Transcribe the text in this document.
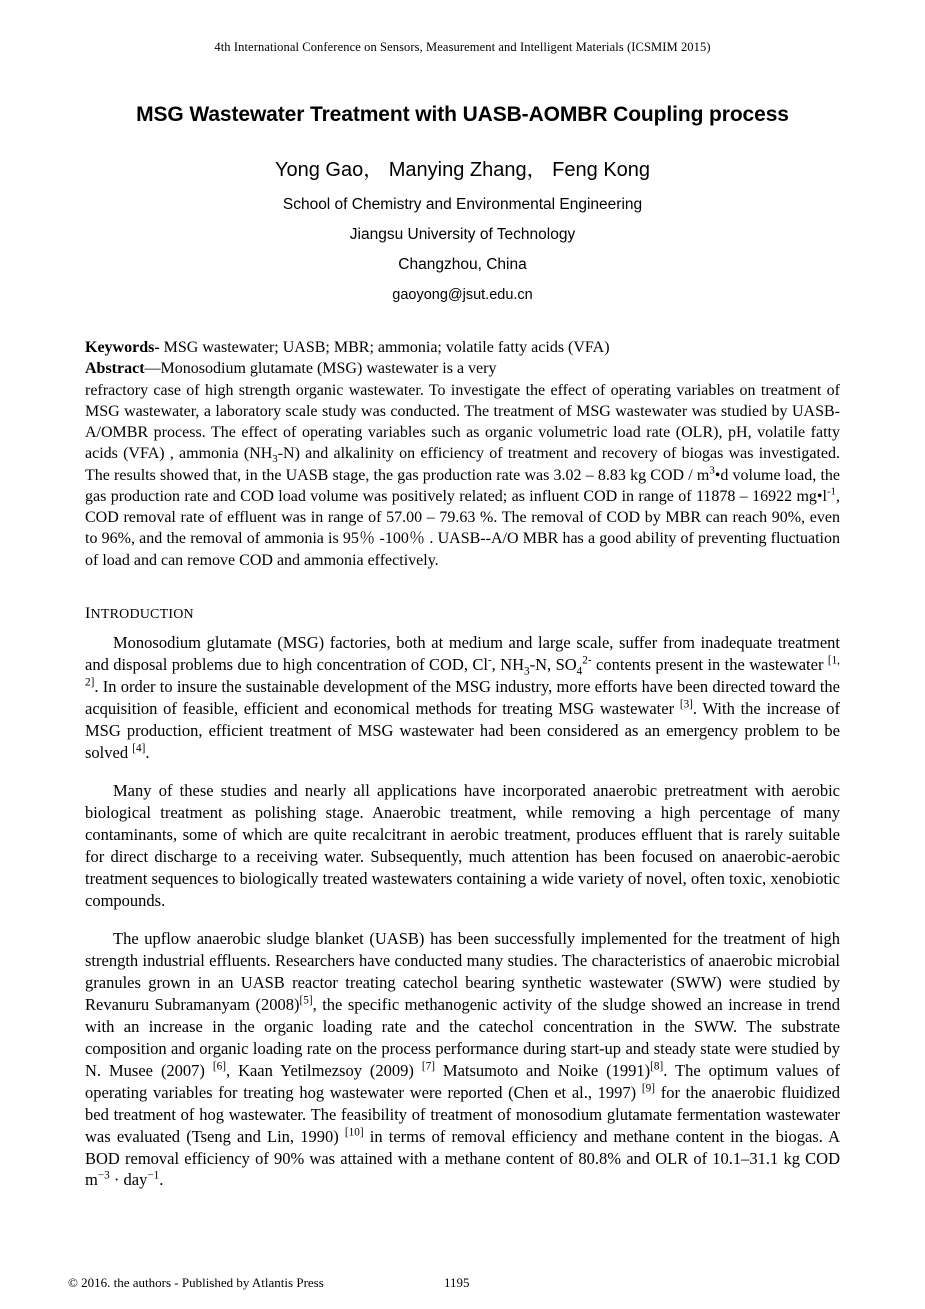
4th International Conference on Sensors, Measurement and Intelligent Materials (ICSMIM 2015)
MSG Wastewater Treatment with UASB-AOMBR Coupling process
Yong Gao， Manying Zhang， Feng Kong
School of Chemistry and Environmental Engineering
Jiangsu University of Technology
Changzhou, China
gaoyong@jsut.edu.cn
Keywords- MSG wastewater; UASB; MBR; ammonia; volatile fatty acids (VFA)
Abstract—Monosodium glutamate (MSG) wastewater is a very
refractory case of high strength organic wastewater. To investigate the effect of operating variables on treatment of MSG wastewater, a laboratory scale study was conducted. The treatment of MSG wastewater was studied by UASB-A/OMBR process. The effect of operating variables such as organic volumetric load rate (OLR), pH, volatile fatty acids (VFA) , ammonia $(NH_3-N)$ and alkalinity on efficiency of treatment and recovery of biogas was investigated. The results showed that, in the UASB stage, the gas production rate was 3.02 – 8.83 kg COD / $m^3•d$ volume load, the gas production rate and COD load volume was positively related; as influent COD in range of 11878 – 16922 $mg•l^{-1}$, COD removal rate of effluent was in range of 57.00 – 79.63 %. The removal of COD by MBR can reach 90%, even to 96%, and the removal of ammonia is 95％ -100％ . UASB--A/O MBR has a good ability of preventing fluctuation of load and can remove COD and ammonia effectively.
INTRODUCTION

Monosodium glutamate (MSG) factories, both at medium and large scale, suffer from inadequate treatment and disposal problems due to high concentration of COD, Cl-, $NH_3-N$, $SO_4^{2-}$ contents present in the wastewater [1, 2]. In order to insure the sustainable development of the MSG industry, more efforts have been directed toward the acquisition of feasible, efficient and economical methods for treating MSG wastewater [3]. With the increase of MSG production, efficient treatment of MSG wastewater had been considered as an emergency problem to be solved [4].

Many of these studies and nearly all applications have incorporated anaerobic pretreatment with aerobic biological treatment as polishing stage. Anaerobic treatment, while removing a high percentage of many contaminants, some of which are quite recalcitrant in aerobic treatment, produces effluent that is rarely suitable for direct discharge to a receiving water. Subsequently, much attention has been focused on anaerobic-aerobic treatment sequences to biologically treated wastewaters containing a wide variety of novel, often toxic, xenobiotic compounds.

The upflow anaerobic sludge blanket (UASB) has been successfully implemented for the treatment of high strength industrial effluents. Researchers have conducted many studies. The characteristics of anaerobic microbial granules grown in an UASB reactor treating catechol bearing synthetic wastewater (SWW) were studied by Revanuru Subramanyam (2008)[5], the specific methanogenic activity of the sludge showed an increase in trend with an increase in the organic loading rate and the catechol concentration in the SWW. The substrate composition and organic loading rate on the process performance during start-up and steady state were studied by N. Musee (2007) [6], Kaan Yetilmezsoy (2009) [7] Matsumoto and Noike (1991)[8]. The optimum values of operating variables for treating hog wastewater were reported (Chen et al., 1997) [9] for the anaerobic fluidized bed treatment of hog wastewater. The feasibility of treatment of monosodium glutamate fermentation wastewater was evaluated (Tseng and Lin, 1990) [10] in terms of removal efficiency and methane content in the biogas. A BOD removal efficiency of 90% was attained with a methane content of 80.8% and OLR of 10.1–31.1 kg COD $m^{-3} \cdot day^{-1}$.

© 2016. the authors - Published by Atlantis Press	1195
